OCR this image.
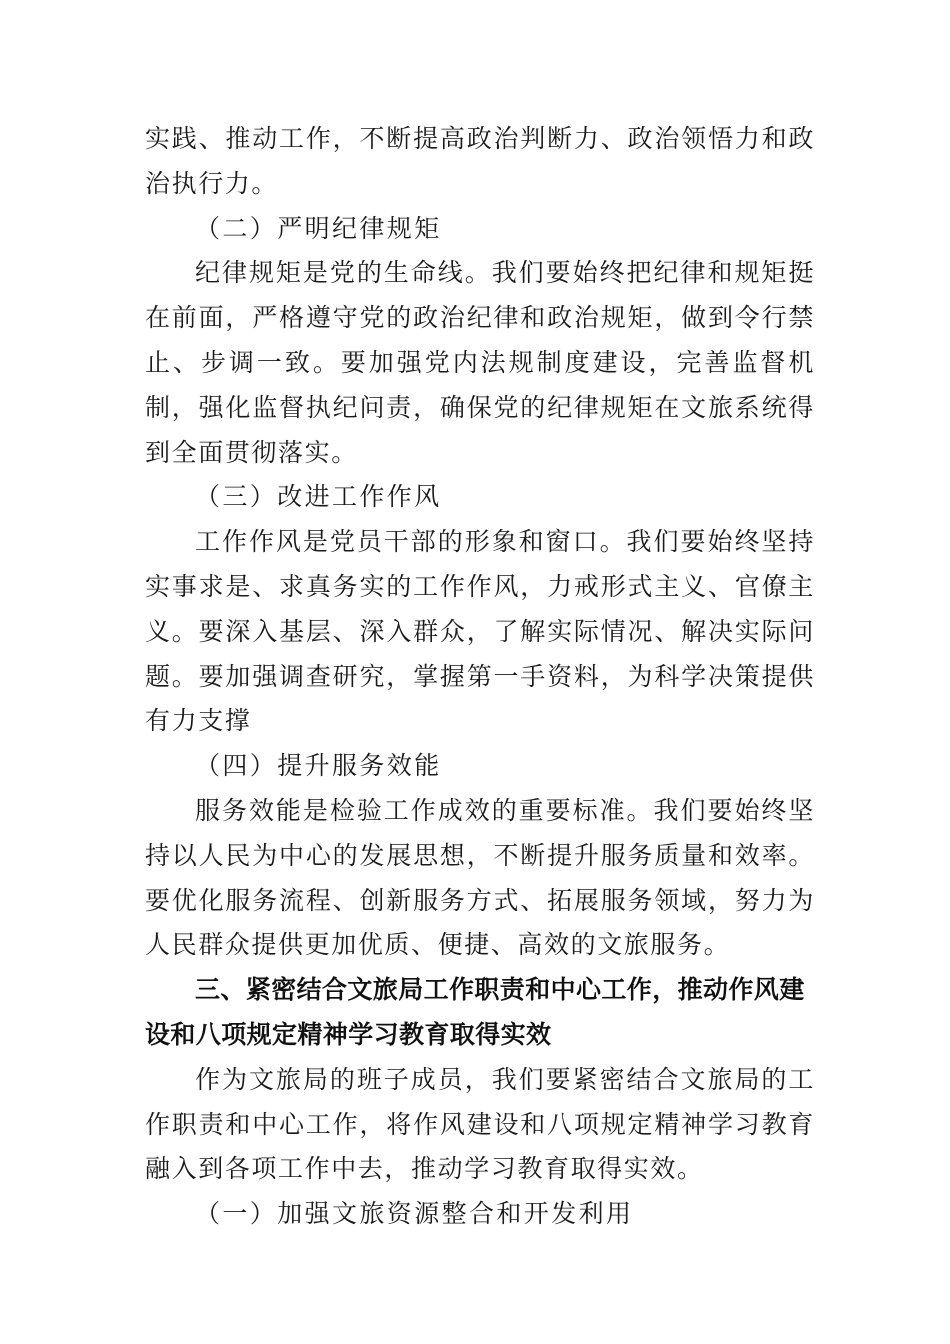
实践、推动工作，不断提高政治判断力、政治领悟力和政治执行力。

（二）严明纪律规矩

纪律规矩是党的生命线。我们要始终把纪律和规矩挺在前面，严格遵守党的政治纪律和政治规矩，做到令行禁止、步调一致。要加强党内法规制度建设，完善监督机制，强化监督执纪问责，确保党的纪律规矩在文旅系统得到全面贯彻落实。

（三）改进工作作风

工作作风是党员干部的形象和窗口。我们要始终坚持实事求是、求真务实的工作作风，力戒形式主义、官僚主义。要深入基层、深入群众，了解实际情况、解决实际问题。要加强调查研究，掌握第一手资料，为科学决策提供有力支撑

（四）提升服务效能

服务效能是检验工作成效的重要标准。我们要始终坚持以人民为中心的发展思想，不断提升服务质量和效率。要优化服务流程、创新服务方式、拓展服务领域，努力为人民群众提供更加优质、便捷、高效的文旅服务。

三、紧密结合文旅局工作职责和中心工作，推动作风建设和八项规定精神学习教育取得实效

作为文旅局的班子成员，我们要紧密结合文旅局的工作职责和中心工作，将作风建设和八项规定精神学习教育融入到各项工作中去，推动学习教育取得实效。

（一）加强文旅资源整合和开发利用
